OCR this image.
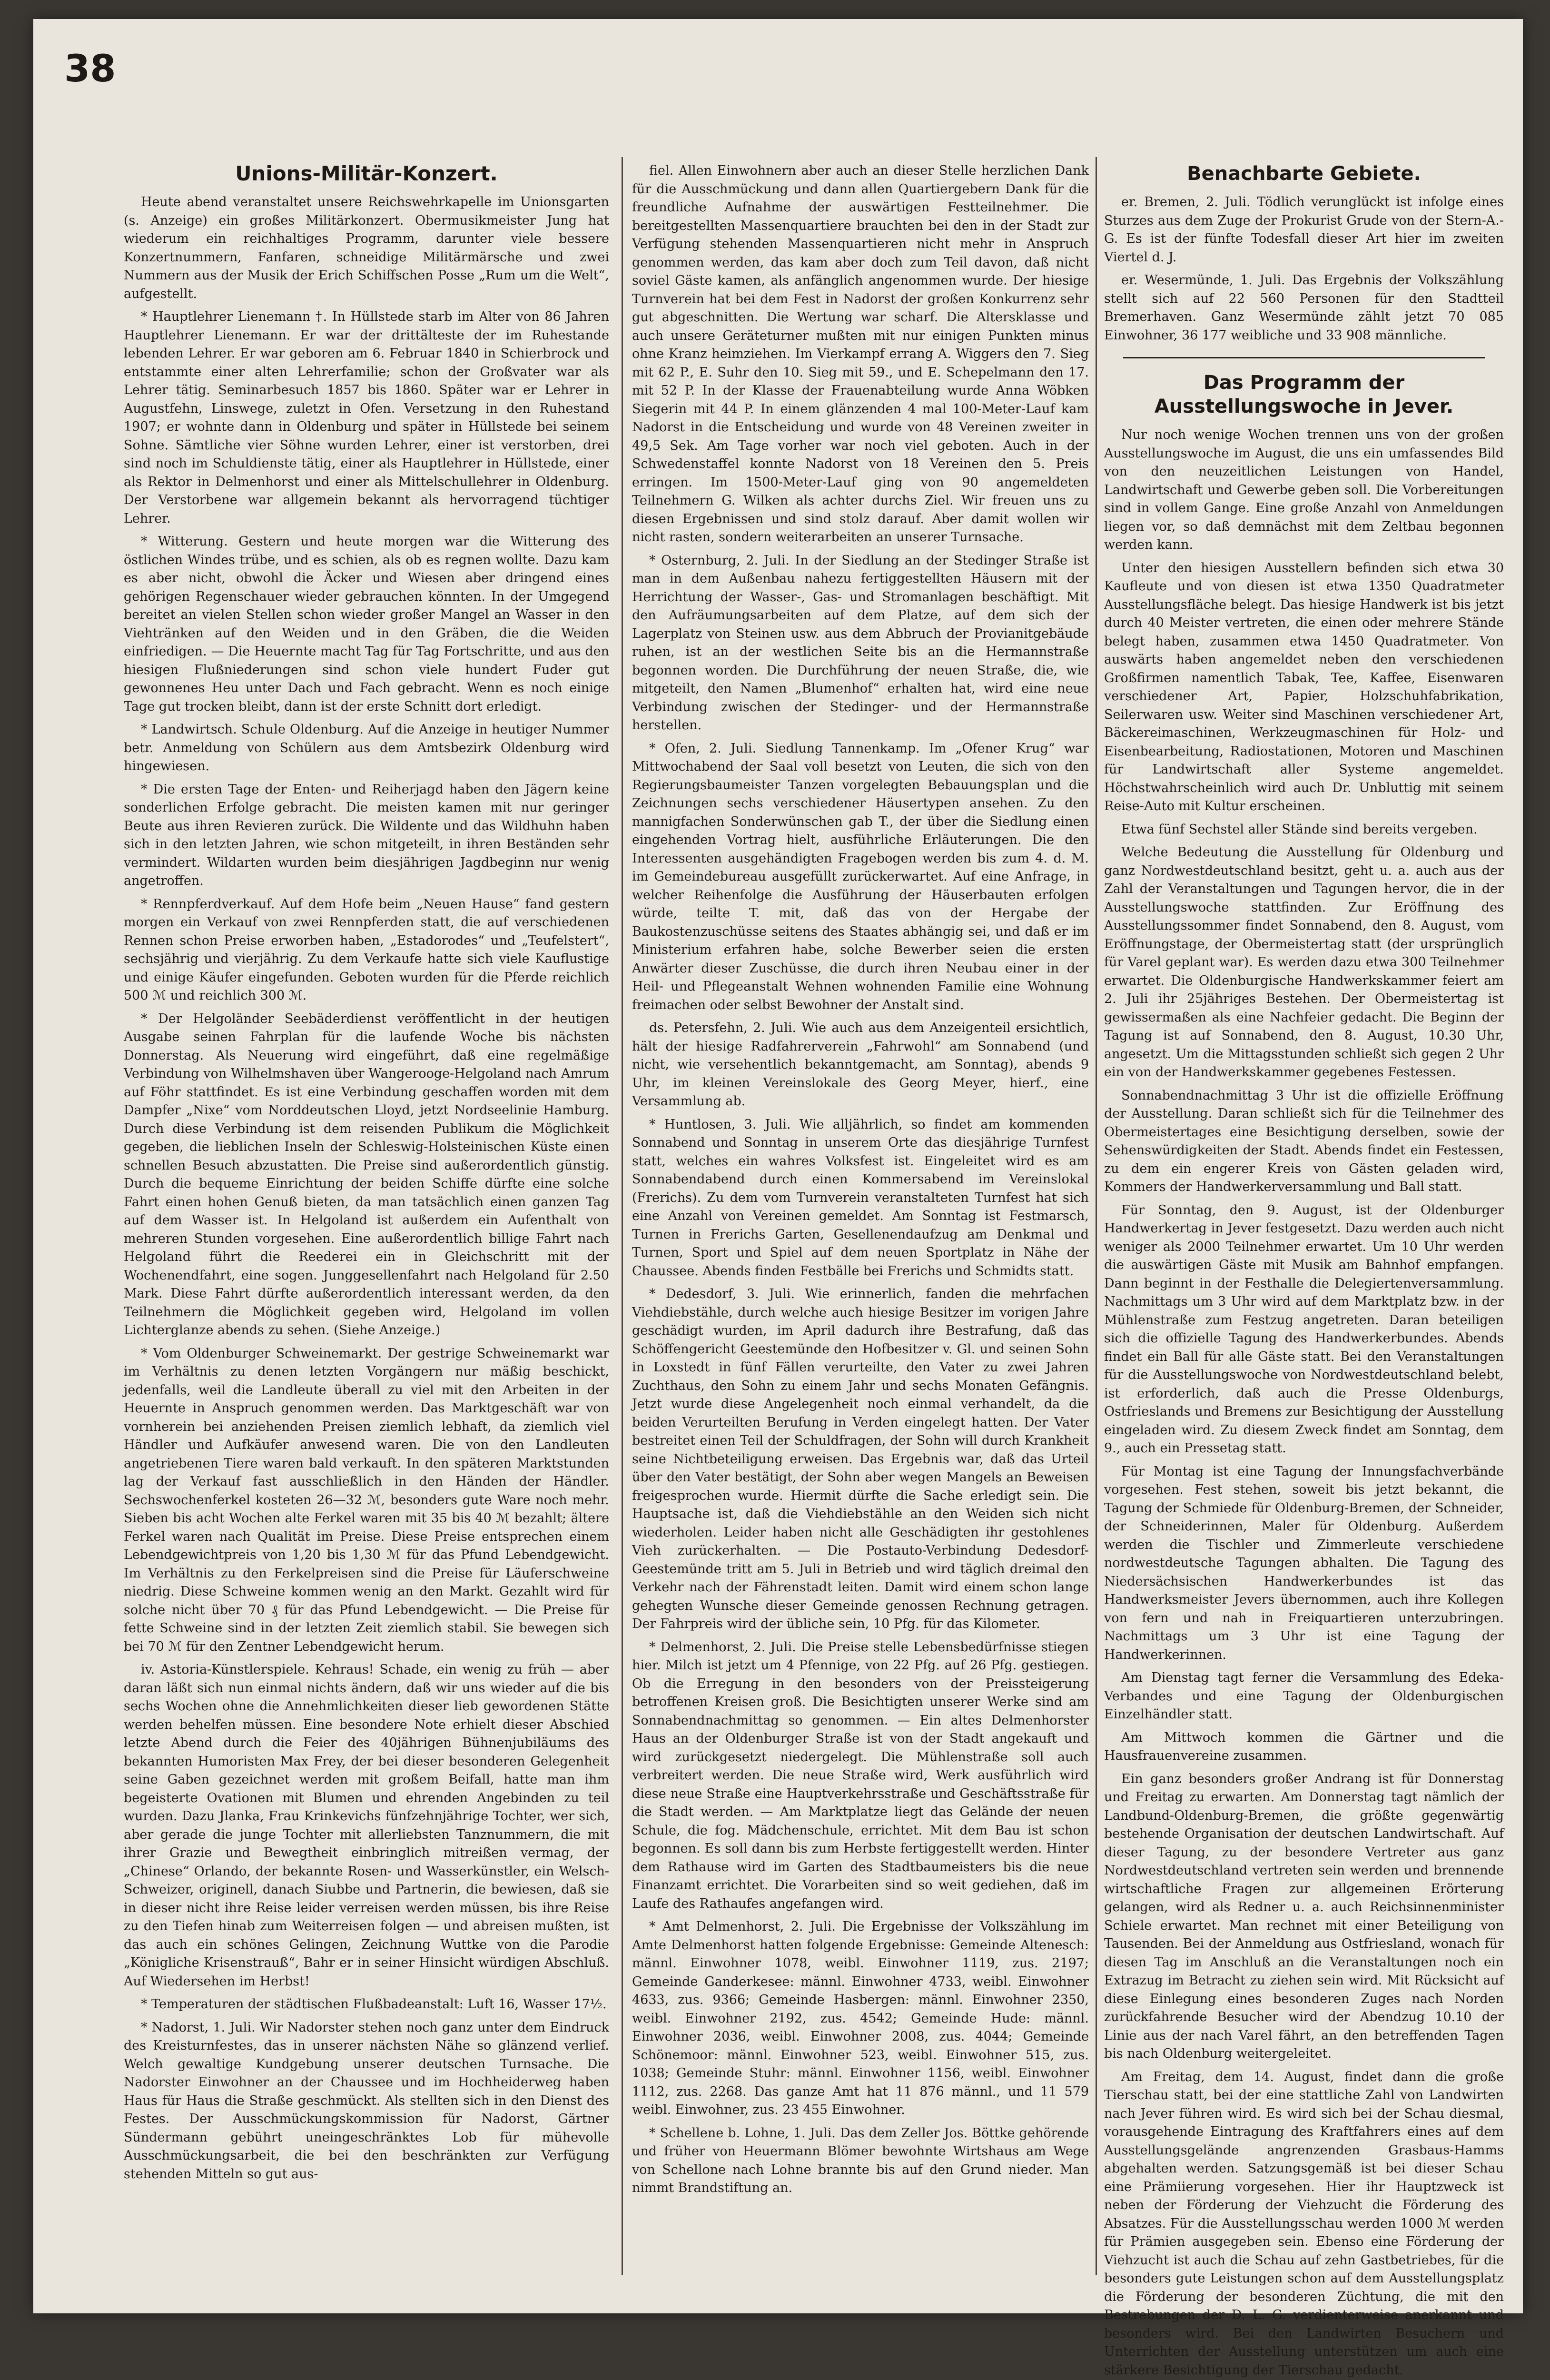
38
Unions-Militär-Konzert.

Heute abend veranstaltet unsere Reichswehrkapelle im Unionsgarten (s. Anzeige) ein großes Militärkonzert. Obermusikmeister Jung hat wiederum ein reichhaltiges Programm, darunter viele bessere Konzertnummern, Fanfaren, schneidige Militärmärsche und zwei Nummern aus der Musik der Erich Schiffschen Posse „Rum um die Welt“, aufgestellt.

* Hauptlehrer Lienemann †. In Hüllstede starb im Alter von 86 Jahren Hauptlehrer Lienemann. Er war der drittälteste der im Ruhestande lebenden Lehrer. Er war geboren am 6. Februar 1840 in Schierbrock und entstammte einer alten Lehrerfamilie; schon der Großvater war als Lehrer tätig. Seminarbesuch 1857 bis 1860. Später war er Lehrer in Augustfehn, Linswege, zuletzt in Ofen. Versetzung in den Ruhestand 1907; er wohnte dann in Oldenburg und später in Hüllstede bei seinem Sohne. Sämtliche vier Söhne wurden Lehrer, einer ist verstorben, drei sind noch im Schuldienste tätig, einer als Hauptlehrer in Hüllstede, einer als Rektor in Delmenhorst und einer als Mittelschullehrer in Oldenburg. Der Verstorbene war allgemein bekannt als hervorragend tüchtiger Lehrer.

* Witterung. Gestern und heute morgen war die Witterung des östlichen Windes trübe, und es schien, als ob es regnen wollte. Dazu kam es aber nicht, obwohl die Äcker und Wiesen aber dringend eines gehörigen Regenschauer wieder gebrauchen könnten. In der Umgegend bereitet an vielen Stellen schon wieder großer Mangel an Wasser in den Viehtränken auf den Weiden und in den Gräben, die die Weiden einfriedigen. — Die Heuernte macht Tag für Tag Fortschritte, und aus den hiesigen Flußniederungen sind schon viele hundert Fuder gut gewonnenes Heu unter Dach und Fach gebracht. Wenn es noch einige Tage gut trocken bleibt, dann ist der erste Schnitt dort erledigt.

* Landwirtsch. Schule Oldenburg. Auf die Anzeige in heutiger Nummer betr. Anmeldung von Schülern aus dem Amtsbezirk Oldenburg wird hingewiesen.

* Die ersten Tage der Enten- und Reiherjagd haben den Jägern keine sonderlichen Erfolge gebracht. Die meisten kamen mit nur geringer Beute aus ihren Revieren zurück. Die Wildente und das Wildhuhn haben sich in den letzten Jahren, wie schon mitgeteilt, in ihren Beständen sehr vermindert. Wildarten wurden beim diesjährigen Jagdbeginn nur wenig angetroffen.

* Rennpferdverkauf. Auf dem Hofe beim „Neuen Hause“ fand gestern morgen ein Verkauf von zwei Rennpferden statt, die auf verschiedenen Rennen schon Preise erworben haben, „Estadorodes“ und „Teufelstert“, sechsjährig und vierjährig. Zu dem Verkaufe hatte sich viele Kauflustige und einige Käufer eingefunden. Geboten wurden für die Pferde reichlich 500 ℳ und reichlich 300 ℳ.

* Der Helgoländer Seebäderdienst veröffentlicht in der heutigen Ausgabe seinen Fahrplan für die laufende Woche bis nächsten Donnerstag. Als Neuerung wird eingeführt, daß eine regelmäßige Verbindung von Wilhelmshaven über Wangerooge-Helgoland nach Amrum auf Föhr stattfindet. Es ist eine Verbindung geschaffen worden mit dem Dampfer „Nixe“ vom Norddeutschen Lloyd, jetzt Nordseelinie Hamburg. Durch diese Verbindung ist dem reisenden Publikum die Möglichkeit gegeben, die lieblichen Inseln der Schleswig-Holsteinischen Küste einen schnellen Besuch abzustatten. Die Preise sind außerordentlich günstig. Durch die bequeme Einrichtung der beiden Schiffe dürfte eine solche Fahrt einen hohen Genuß bieten, da man tatsächlich einen ganzen Tag auf dem Wasser ist. In Helgoland ist außerdem ein Aufenthalt von mehreren Stunden vorgesehen. Eine außerordentlich billige Fahrt nach Helgoland führt die Reederei ein in Gleichschritt mit der Wochenendfahrt, eine sogen. Junggesellenfahrt nach Helgoland für 2.50 Mark. Diese Fahrt dürfte außerordentlich interessant werden, da den Teilnehmern die Möglichkeit gegeben wird, Helgoland im vollen Lichterglanze abends zu sehen. (Siehe Anzeige.)

* Vom Oldenburger Schweinemarkt. Der gestrige Schweinemarkt war im Verhältnis zu denen letzten Vorgängern nur mäßig beschickt, jedenfalls, weil die Landleute überall zu viel mit den Arbeiten in der Heuernte in Anspruch genommen werden. Das Marktgeschäft war von vornherein bei anziehenden Preisen ziemlich lebhaft, da ziemlich viel Händler und Aufkäufer anwesend waren. Die von den Landleuten angetriebenen Tiere waren bald verkauft. In den späteren Marktstunden lag der Verkauf fast ausschließlich in den Händen der Händler. Sechswochenferkel kosteten 26—32 ℳ, besonders gute Ware noch mehr. Sieben bis acht Wochen alte Ferkel waren mit 35 bis 40 ℳ bezahlt; ältere Ferkel waren nach Qualität im Preise. Diese Preise entsprechen einem Lebendgewichtpreis von 1,20 bis 1,30 ℳ für das Pfund Lebendgewicht. Im Verhältnis zu den Ferkelpreisen sind die Preise für Läuferschweine niedrig. Diese Schweine kommen wenig an den Markt. Gezahlt wird für solche nicht über 70 ₰ für das Pfund Lebendgewicht. — Die Preise für fette Schweine sind in der letzten Zeit ziemlich stabil. Sie bewegen sich bei 70 ℳ für den Zentner Lebendgewicht herum.

iv. Astoria-Künstlerspiele. Kehraus! Schade, ein wenig zu früh — aber daran läßt sich nun einmal nichts ändern, daß wir uns wieder auf die bis sechs Wochen ohne die Annehmlichkeiten dieser lieb gewordenen Stätte werden behelfen müssen. Eine besondere Note erhielt dieser Abschied letzte Abend durch die Feier des 40jährigen Bühnenjubiläums des bekannten Humoristen Max Frey, der bei dieser besonderen Gelegenheit seine Gaben gezeichnet werden mit großem Beifall, hatte man ihm begeisterte Ovationen mit Blumen und ehrenden Angebinden zu teil wurden. Dazu Jlanka, Frau Krinkevichs fünfzehnjährige Tochter, wer sich, aber gerade die junge Tochter mit allerliebsten Tanznummern, die mit ihrer Grazie und Bewegtheit einbringlich mitreißen vermag, der „Chinese“ Orlando, der bekannte Rosen- und Wasserkünstler, ein Welsch-Schweizer, originell, danach Siubbe und Partnerin, die bewiesen, daß sie in dieser nicht ihre Reise leider verreisen werden müssen, bis ihre Reise zu den Tiefen hinab zum Weiterreisen folgen — und abreisen mußten, ist das auch ein schönes Gelingen, Zeichnung Wuttke von die Parodie „Königliche Krisenstrauß“, Bahr er in seiner Hinsicht würdigen Abschluß. Auf Wiedersehen im Herbst!

* Temperaturen der städtischen Flußbadeanstalt: Luft 16, Wasser 17½.

* Nadorst, 1. Juli. Wir Nadorster stehen noch ganz unter dem Eindruck des Kreisturnfestes, das in unserer nächsten Nähe so glänzend verlief. Welch gewaltige Kundgebung unserer deutschen Turnsache. Die Nadorster Einwohner an der Chaussee und im Hochheiderweg haben Haus für Haus die Straße geschmückt. Als stellten sich in den Dienst des Festes. Der Ausschmückungskommission für Nadorst, Gärtner Sündermann gebührt uneingeschränktes Lob für mühevolle Ausschmückungsarbeit, die bei den beschränkten zur Verfügung stehenden Mitteln so gut aus-

fiel. Allen Einwohnern aber auch an dieser Stelle herzlichen Dank für die Ausschmückung und dann allen Quartiergebern Dank für die freundliche Aufnahme der auswärtigen Festteilnehmer. Die bereitgestellten Massenquartiere brauchten bei den in der Stadt zur Verfügung stehenden Massenquartieren nicht mehr in Anspruch genommen werden, das kam aber doch zum Teil davon, daß nicht soviel Gäste kamen, als anfänglich angenommen wurde. Der hiesige Turnverein hat bei dem Fest in Nadorst der großen Konkurrenz sehr gut abgeschnitten. Die Wertung war scharf. Die Altersklasse und auch unsere Geräteturner mußten mit nur einigen Punkten minus ohne Kranz heimziehen. Im Vierkampf errang A. Wiggers den 7. Sieg mit 62 P., E. Suhr den 10. Sieg mit 59., und E. Schepelmann den 17. mit 52 P. In der Klasse der Frauenabteilung wurde Anna Wöbken Siegerin mit 44 P. In einem glänzenden 4 mal 100-Meter-Lauf kam Nadorst in die Entscheidung und wurde von 48 Vereinen zweiter in 49,5 Sek. Am Tage vorher war noch viel geboten. Auch in der Schwedenstaffel konnte Nadorst von 18 Vereinen den 5. Preis erringen. Im 1500-Meter-Lauf ging von 90 angemeldeten Teilnehmern G. Wilken als achter durchs Ziel. Wir freuen uns zu diesen Ergebnissen und sind stolz darauf. Aber damit wollen wir nicht rasten, sondern weiterarbeiten an unserer Turnsache.

* Osternburg, 2. Juli. In der Siedlung an der Stedinger Straße ist man in dem Außenbau nahezu fertiggestellten Häusern mit der Herrichtung der Wasser-, Gas- und Stromanlagen beschäftigt. Mit den Aufräumungsarbeiten auf dem Platze, auf dem sich der Lagerplatz von Steinen usw. aus dem Abbruch der Provianitgebäude ruhen, ist an der westlichen Seite bis an die Hermannstraße begonnen worden. Die Durchführung der neuen Straße, die, wie mitgeteilt, den Namen „Blumenhof“ erhalten hat, wird eine neue Verbindung zwischen der Stedinger- und der Hermannstraße herstellen.

* Ofen, 2. Juli. Siedlung Tannenkamp. Im „Ofener Krug“ war Mittwochabend der Saal voll besetzt von Leuten, die sich von den Regierungsbaumeister Tanzen vorgelegten Bebauungsplan und die Zeichnungen sechs verschiedener Häusertypen ansehen. Zu den mannigfachen Sonderwünschen gab T., der über die Siedlung einen eingehenden Vortrag hielt, ausführliche Erläuterungen. Die den Interessenten ausgehändigten Fragebogen werden bis zum 4. d. M. im Gemeindebureau ausgefüllt zurückerwartet. Auf eine Anfrage, in welcher Reihenfolge die Ausführung der Häuserbauten erfolgen würde, teilte T. mit, daß das von der Hergabe der Baukostenzuschüsse seitens des Staates abhängig sei, und daß er im Ministerium erfahren habe, solche Bewerber seien die ersten Anwärter dieser Zuschüsse, die durch ihren Neubau einer in der Heil- und Pflegeanstalt Wehnen wohnenden Familie eine Wohnung freimachen oder selbst Bewohner der Anstalt sind.

ds. Petersfehn, 2. Juli. Wie auch aus dem Anzeigenteil ersichtlich, hält der hiesige Radfahrerverein „Fahrwohl“ am Sonnabend (und nicht, wie versehentlich bekanntgemacht, am Sonntag), abends 9 Uhr, im kleinen Vereinslokale des Georg Meyer, hierf., eine Versammlung ab.

* Huntlosen, 3. Juli. Wie alljährlich, so findet am kommenden Sonnabend und Sonntag in unserem Orte das diesjährige Turnfest statt, welches ein wahres Volksfest ist. Eingeleitet wird es am Sonnabendabend durch einen Kommersabend im Vereinslokal (Frerichs). Zu dem vom Turnverein veranstalteten Turnfest hat sich eine Anzahl von Vereinen gemeldet. Am Sonntag ist Festmarsch, Turnen in Frerichs Garten, Gesellenendaufzug am Denkmal und Turnen, Sport und Spiel auf dem neuen Sportplatz in Nähe der Chaussee. Abends finden Festbälle bei Frerichs und Schmidts statt.

* Dedesdorf, 3. Juli. Wie erinnerlich, fanden die mehrfachen Viehdiebstähle, durch welche auch hiesige Besitzer im vorigen Jahre geschädigt wurden, im April dadurch ihre Bestrafung, daß das Schöffengericht Geestemünde den Hofbesitzer v. Gl. und seinen Sohn in Loxstedt in fünf Fällen verurteilte, den Vater zu zwei Jahren Zuchthaus, den Sohn zu einem Jahr und sechs Monaten Gefängnis. Jetzt wurde diese Angelegenheit noch einmal verhandelt, da die beiden Verurteilten Berufung in Verden eingelegt hatten. Der Vater bestreitet einen Teil der Schuldfragen, der Sohn will durch Krankheit seine Nichtbeteiligung erweisen. Das Ergebnis war, daß das Urteil über den Vater bestätigt, der Sohn aber wegen Mangels an Beweisen freigesprochen wurde. Hiermit dürfte die Sache erledigt sein. Die Hauptsache ist, daß die Viehdiebstähle an den Weiden sich nicht wiederholen. Leider haben nicht alle Geschädigten ihr gestohlenes Vieh zurückerhalten. — Die Postauto-Verbindung Dedesdorf-Geestemünde tritt am 5. Juli in Betrieb und wird täglich dreimal den Verkehr nach der Fährenstadt leiten. Damit wird einem schon lange gehegten Wunsche dieser Gemeinde genossen Rechnung getragen. Der Fahrpreis wird der übliche sein, 10 Pfg. für das Kilometer.

* Delmenhorst, 2. Juli. Die Preise stelle Lebensbedürfnisse stiegen hier. Milch ist jetzt um 4 Pfennige, von 22 Pfg. auf 26 Pfg. gestiegen. Ob die Erregung in den besonders von der Preissteigerung betroffenen Kreisen groß. Die Besichtigten unserer Werke sind am Sonnabendnachmittag so genommen. — Ein altes Delmenhorster Haus an der Oldenburger Straße ist von der Stadt angekauft und wird zurückgesetzt niedergelegt. Die Mühlenstraße soll auch verbreitert werden. Die neue Straße wird, Werk ausführlich wird diese neue Straße eine Hauptverkehrsstraße und Geschäftsstraße für die Stadt werden. — Am Marktplatze liegt das Gelände der neuen Schule, die fog. Mädchenschule, errichtet. Mit dem Bau ist schon begonnen. Es soll dann bis zum Herbste fertiggestellt werden. Hinter dem Rathause wird im Garten des Stadtbaumeisters bis die neue Finanzamt errichtet. Die Vorarbeiten sind so weit gediehen, daß im Laufe des Rathaufes angefangen wird.

* Amt Delmenhorst, 2. Juli. Die Ergebnisse der Volkszählung im Amte Delmenhorst hatten folgende Ergebnisse: Gemeinde Altenesch: männl. Einwohner 1078, weibl. Einwohner 1119, zus. 2197; Gemeinde Ganderkesee: männl. Einwohner 4733, weibl. Einwohner 4633, zus. 9366; Gemeinde Hasbergen: männl. Einwohner 2350, weibl. Einwohner 2192, zus. 4542; Gemeinde Hude: männl. Einwohner 2036, weibl. Einwohner 2008, zus. 4044; Gemeinde Schönemoor: männl. Einwohner 523, weibl. Einwohner 515, zus. 1038; Gemeinde Stuhr: männl. Einwohner 1156, weibl. Einwohner 1112, zus. 2268. Das ganze Amt hat 11 876 männl., und 11 579 weibl. Einwohner, zus. 23 455 Einwohner.

* Schellene b. Lohne, 1. Juli. Das dem Zeller Jos. Böttke gehörende und früher von Heuermann Blömer bewohnte Wirtshaus am Wege von Schellone nach Lohne brannte bis auf den Grund nieder. Man nimmt Brandstiftung an.

Benachbarte Gebiete.

er. Bremen, 2. Juli. Tödlich verunglückt ist infolge eines Sturzes aus dem Zuge der Prokurist Grude von der Stern-A.-G. Es ist der fünfte Todesfall dieser Art hier im zweiten Viertel d. J.

er. Wesermünde, 1. Juli. Das Ergebnis der Volkszählung stellt sich auf 22 560 Personen für den Stadtteil Bremerhaven. Ganz Wesermünde zählt jetzt 70 085 Einwohner, 36 177 weibliche und 33 908 männliche.

Das Programm der Ausstellungswoche in Jever.

Nur noch wenige Wochen trennen uns von der großen Ausstellungswoche im August, die uns ein umfassendes Bild von den neuzeitlichen Leistungen von Handel, Landwirtschaft und Gewerbe geben soll. Die Vorbereitungen sind in vollem Gange. Eine große Anzahl von Anmeldungen liegen vor, so daß demnächst mit dem Zeltbau begonnen werden kann.

Unter den hiesigen Ausstellern befinden sich etwa 30 Kaufleute und von diesen ist etwa 1350 Quadratmeter Ausstellungsfläche belegt. Das hiesige Handwerk ist bis jetzt durch 40 Meister vertreten, die einen oder mehrere Stände belegt haben, zusammen etwa 1450 Quadratmeter. Von auswärts haben angemeldet neben den verschiedenen Großfirmen namentlich Tabak, Tee, Kaffee, Eisenwaren verschiedener Art, Papier, Holzschuhfabrikation, Seilerwaren usw. Weiter sind Maschinen verschiedener Art, Bäckereimaschinen, Werkzeugmaschinen für Holz- und Eisenbearbeitung, Radiostationen, Motoren und Maschinen für Landwirtschaft aller Systeme angemeldet. Höchstwahrscheinlich wird auch Dr. Unbluttig mit seinem Reise-Auto mit Kultur erscheinen.

Etwa fünf Sechstel aller Stände sind bereits vergeben.

Welche Bedeutung die Ausstellung für Oldenburg und ganz Nordwestdeutschland besitzt, geht u. a. auch aus der Zahl der Veranstaltungen und Tagungen hervor, die in der Ausstellungswoche stattfinden. Zur Eröffnung des Ausstellungssommer findet Sonnabend, den 8. August, vom Eröffnungstage, der Obermeistertag statt (der ursprünglich für Varel geplant war). Es werden dazu etwa 300 Teilnehmer erwartet. Die Oldenburgische Handwerkskammer feiert am 2. Juli ihr 25jähriges Bestehen. Der Obermeistertag ist gewissermaßen als eine Nachfeier gedacht. Die Beginn der Tagung ist auf Sonnabend, den 8. August, 10.30 Uhr, angesetzt. Um die Mittagsstunden schließt sich gegen 2 Uhr ein von der Handwerkskammer gegebenes Festessen.

Sonnabendnachmittag 3 Uhr ist die offizielle Eröffnung der Ausstellung. Daran schließt sich für die Teilnehmer des Obermeistertages eine Besichtigung derselben, sowie der Sehenswürdigkeiten der Stadt. Abends findet ein Festessen, zu dem ein engerer Kreis von Gästen geladen wird, Kommers der Handwerkerversammlung und Ball statt.

Für Sonntag, den 9. August, ist der Oldenburger Handwerkertag in Jever festgesetzt. Dazu werden auch nicht weniger als 2000 Teilnehmer erwartet. Um 10 Uhr werden die auswärtigen Gäste mit Musik am Bahnhof empfangen. Dann beginnt in der Festhalle die Delegiertenversammlung. Nachmittags um 3 Uhr wird auf dem Marktplatz bzw. in der Mühlenstraße zum Festzug angetreten. Daran beteiligen sich die offizielle Tagung des Handwerkerbundes. Abends findet ein Ball für alle Gäste statt. Bei den Veranstaltungen für die Ausstellungswoche von Nordwestdeutschland belebt, ist erforderlich, daß auch die Presse Oldenburgs, Ostfrieslands und Bremens zur Besichtigung der Ausstellung eingeladen wird. Zu diesem Zweck findet am Sonntag, dem 9., auch ein Pressetag statt.

Für Montag ist eine Tagung der Innungsfachverbände vorgesehen. Fest stehen, soweit bis jetzt bekannt, die Tagung der Schmiede für Oldenburg-Bremen, der Schneider, der Schneiderinnen, Maler für Oldenburg. Außerdem werden die Tischler und Zimmerleute verschiedene nordwestdeutsche Tagungen abhalten. Die Tagung des Niedersächsischen Handwerkerbundes ist das Handwerksmeister Jevers übernommen, auch ihre Kollegen von fern und nah in Freiquartieren unterzubringen. Nachmittags um 3 Uhr ist eine Tagung der Handwerkerinnen.

Am Dienstag tagt ferner die Versammlung des Edeka-Verbandes und eine Tagung der Oldenburgischen Einzelhändler statt.

Am Mittwoch kommen die Gärtner und die Hausfrauenvereine zusammen.

Ein ganz besonders großer Andrang ist für Donnerstag und Freitag zu erwarten. Am Donnerstag tagt nämlich der Landbund-Oldenburg-Bremen, die größte gegenwärtig bestehende Organisation der deutschen Landwirtschaft. Auf dieser Tagung, zu der besondere Vertreter aus ganz Nordwestdeutschland vertreten sein werden und brennende wirtschaftliche Fragen zur allgemeinen Erörterung gelangen, wird als Redner u. a. auch Reichsinnenminister Schiele erwartet. Man rechnet mit einer Beteiligung von Tausenden. Bei der Anmeldung aus Ostfriesland, wonach für diesen Tag im Anschluß an die Veranstaltungen noch ein Extrazug im Betracht zu ziehen sein wird. Mit Rücksicht auf diese Einlegung eines besonderen Zuges nach Norden zurückfahrende Besucher wird der Abendzug 10.10 der Linie aus der nach Varel fährt, an den betreffenden Tagen bis nach Oldenburg weitergeleitet.

Am Freitag, dem 14. August, findet dann die große Tierschau statt, bei der eine stattliche Zahl von Landwirten nach Jever führen wird. Es wird sich bei der Schau diesmal, vorausgehende Eintragung des Kraftfahrers eines auf dem Ausstellungsgelände angrenzenden Grasbaus-Hamms abgehalten werden. Satzungsgemäß ist bei dieser Schau eine Prämiierung vorgesehen. Hier ihr Hauptzweck ist neben der Förderung der Viehzucht die Förderung des Absatzes. Für die Ausstellungsschau werden 1000 ℳ werden für Prämien ausgegeben sein. Ebenso eine Förderung der Viehzucht ist auch die Schau auf zehn Gastbetriebes, für die besonders gute Leistungen schon auf dem Ausstellungsplatz die Förderung der besonderen Züchtung, die mit den Bestrebungen der D. L. G. verdienterweise anerkannt und besonders wird. Bei den Landwirten Besuchern und Unterrichten der Ausstellung unterstützen um auch eine stärkere Besichtigung der Tierschau gedacht.
